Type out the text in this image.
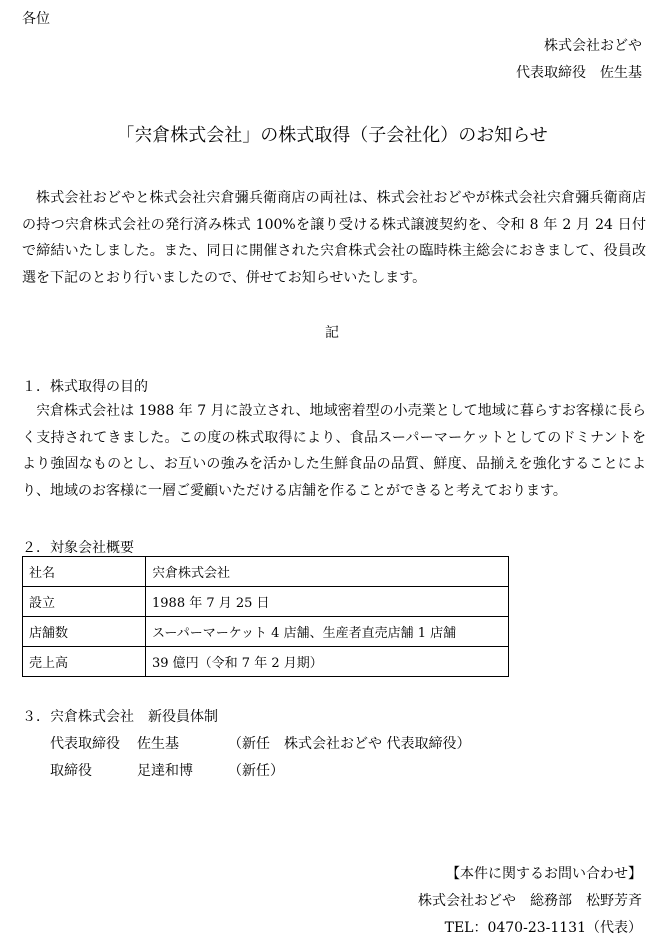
各位
株式会社おどや
代表取締役　佐生基
「宍倉株式会社」の株式取得（子会社化）のお知らせ

株式会社おどやと株式会社宍倉彌兵衛商店の両社は、株式会社おどやが株式会社宍倉彌兵衛商店の持つ宍倉株式会社の発行済み株式 100%を譲り受ける株式譲渡契約を、令和 8 年 2 月 24 日付で締結いたしました。また、同日に開催された宍倉株式会社の臨時株主総会におきまして、役員改選を下記のとおり行いましたので、併せてお知らせいたします。

記
１．株式取得の目的

宍倉株式会社は 1988 年 7 月に設立され、地域密着型の小売業として地域に暮らすお客様に長らく支持されてきました。この度の株式取得により、食品スーパーマーケットとしてのドミナントをより強固なものとし、お互いの強みを活かした生鮮食品の品質、鮮度、品揃えを強化することにより、地域のお客様に一層ご愛顧いただける店舗を作ることができると考えております。

２．対象会社概要
社名	宍倉株式会社
設立	1988 年 7 月 25 日
店舗数	スーパーマーケット 4 店舗、生産者直売店舗 1 店舗
売上高	39 億円（令和 7 年 2 月期）
３．宍倉株式会社　新役員体制
代表取締役 佐生基	（新任　株式会社おどや 代表取締役）
取締役	足達和博	（新任）
【本件に関するお問い合わせ】
株式会社おどや　総務部　松野芳斉
TEL：0470-23-1131（代表）
